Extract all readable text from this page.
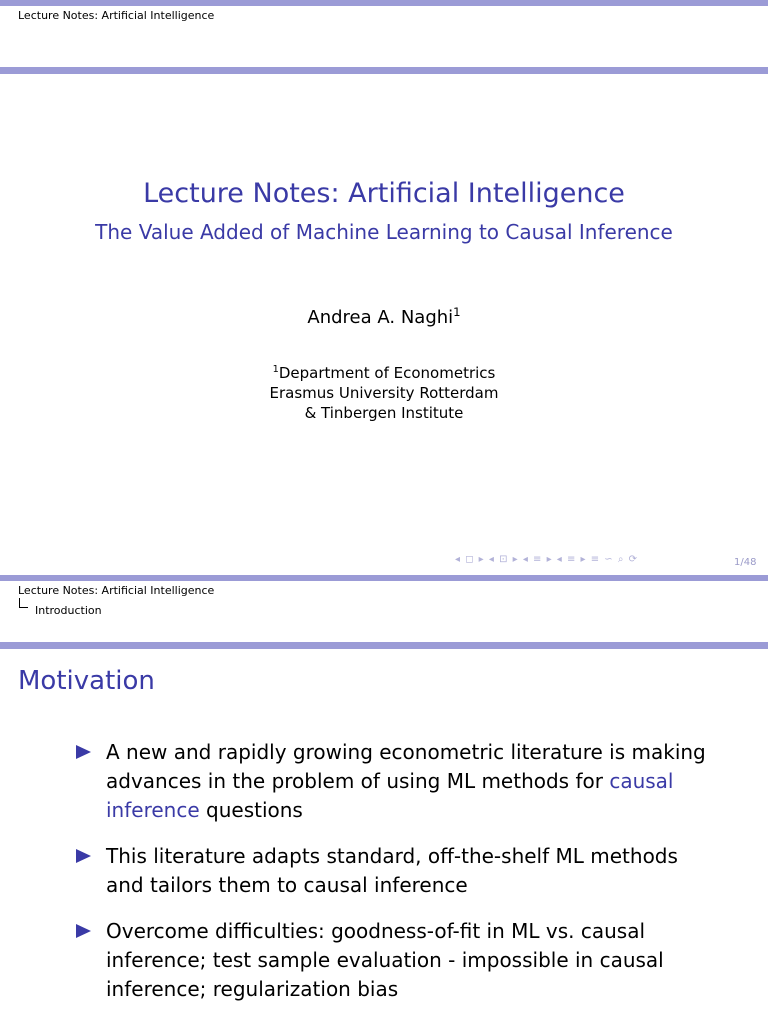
Lecture Notes: Artificial Intelligence
Lecture Notes: Artificial Intelligence
The Value Added of Machine Learning to Causal Inference
Andrea A. Naghi$^1$
$^1$Department of Econometrics
Erasmus University Rotterdam
& Tinbergen Institute
◂ ◻ ▸ ◂ ⊡ ▸ ◂ ≡ ▸ ◂ ≡ ▸ ≡ ∽ ⌕ ⟳	1/48
Lecture Notes: Artificial Intelligence
Introduction
Motivation
A new and rapidly growing econometric literature is making advances in the problem of using ML methods for causal inference questions
This literature adapts standard, off-the-shelf ML methods and tailors them to causal inference
Overcome difficulties: goodness-of-fit in ML vs. causal inference; test sample evaluation - impossible in causal inference; regularization bias
